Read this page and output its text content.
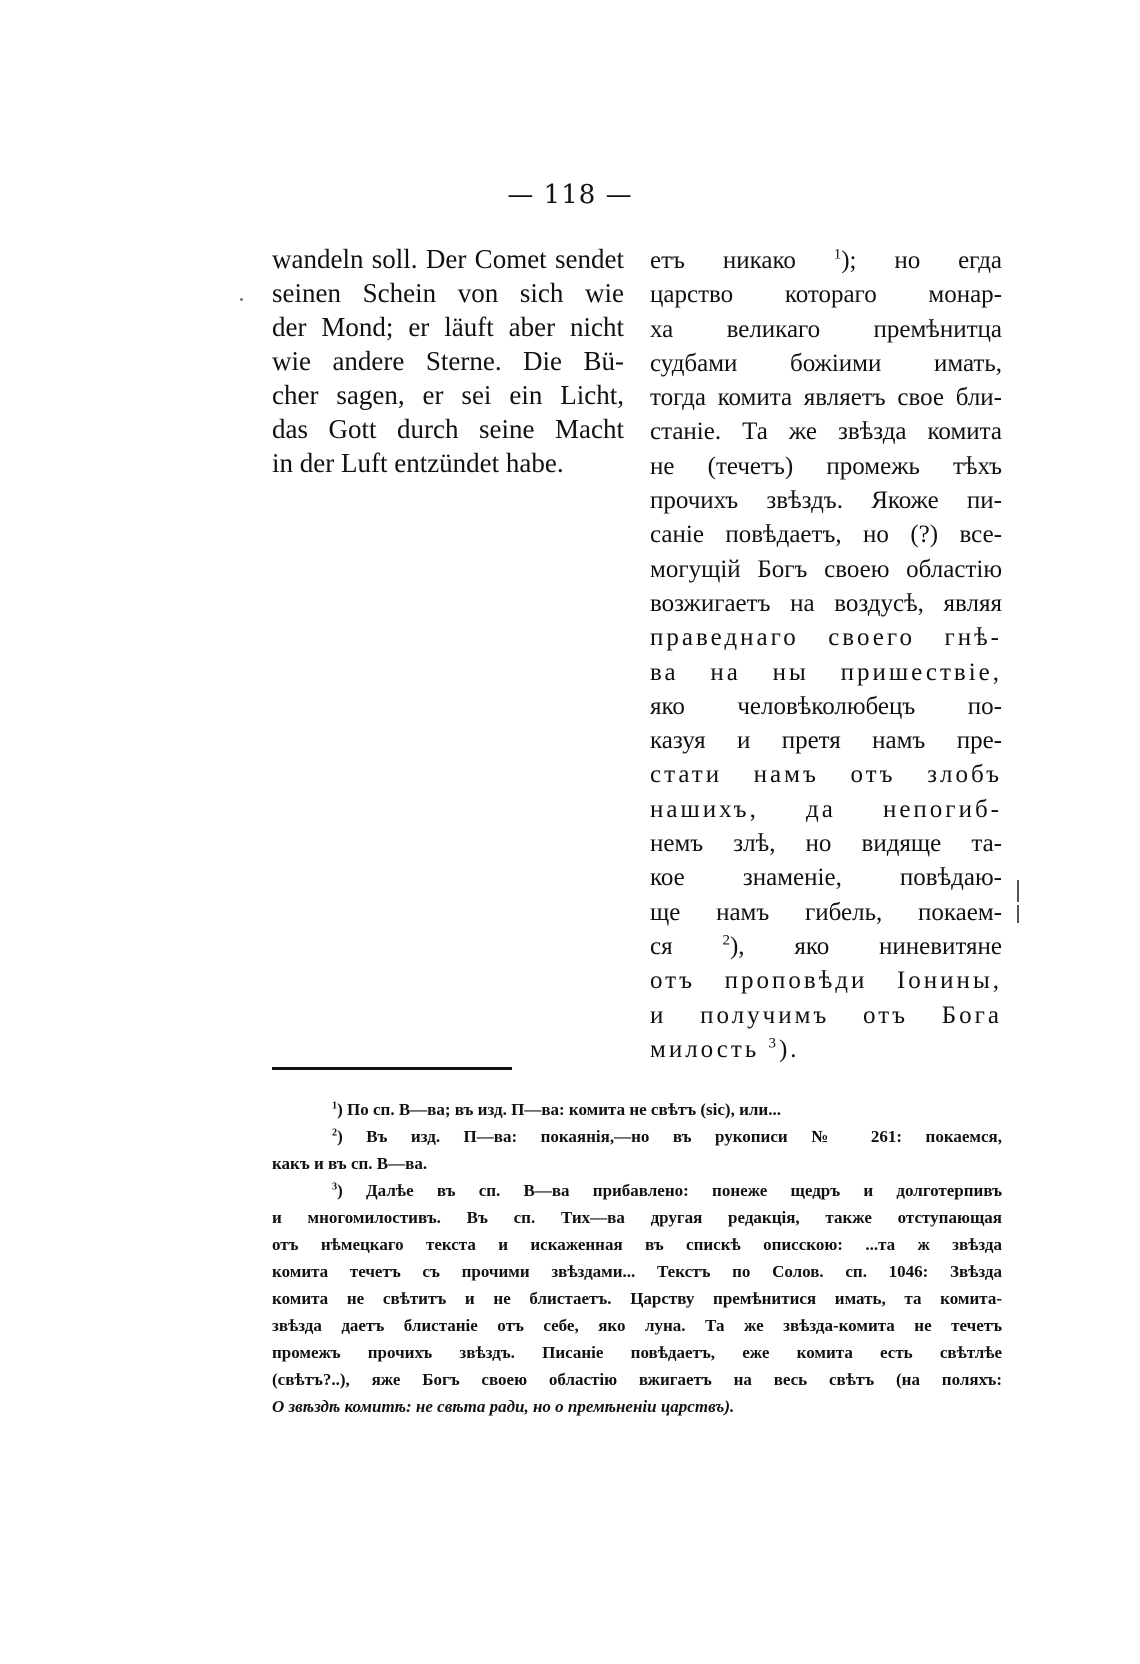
— 118 —
wandeln soll. Der Comet sendet
seinen Schein von sich wie
der Mond; er läuft aber nicht
wie andere Sterne. Die Bü-
cher sagen, er sei ein Licht,
das Gott durch seine Macht
in der Luft entzündet habe.
етъ никако	$^1$); но егда
царство котораго монар-
ха великаго премѣнитца
судбами божіими имать,
тогда комита являетъ свое бли-
станіе. Та же звѣзда комита
не (течетъ) промежь тѣхъ
прочихъ звѣздъ. Якоже пи-
саніе повѣдаетъ, но (?) все-
могущій Богъ своею областію
возжигаетъ на воздусѣ, являя
праведнаго своего гнѣ-
ва на ны пришествіе,
яко человѣколюбецъ по-
казуя и претя намъ пре-
стати намъ отъ злобъ
нашихъ, да непогиб-
немъ злѣ, но видяще та-
кое знаменіе, повѣдаю-
ще намъ гибель, покаем-
ся	$^2$), яко ниневитяне
отъ проповѣди Іонины,
и получимъ отъ Бога
милость $^3$).
$^1$) По сп. В—ва; въ изд. П—ва: комита не свѣтъ (sic), или...
$^2$) Въ изд. П—ва: покаянія,—но въ рукописи № 261: покаемся,
какъ и въ сп. В—ва.
$^3$) Далѣе въ сп. В—ва прибавлено: понеже щедръ и долготерпивъ
и многомилостивъ. Въ сп. Тих—ва другая редакція, также отступающая
отъ нѣмецкаго текста и искаженная въ спискѣ описскою: ...та ж звѣзда
комита течетъ съ прочими звѣздами... Текстъ по Солов. сп. 1046: Звѣзда
комита не свѣтитъ и не блистаетъ. Царству премѣнитися имать, та комита-
звѣзда даетъ блистаніе отъ себе, яко луна. Та же звѣзда-комита не течетъ
промежъ прочихъ звѣздъ. Писаніе повѣдаетъ, еже комита есть свѣтлѣе
(свѣтъ?..), яже Богъ своею областію вжигаетъ на весь свѣтъ (на поляхъ:
О звѣздѣ комитѣ: не свѣта ради, но о премѣненіи царствъ).
